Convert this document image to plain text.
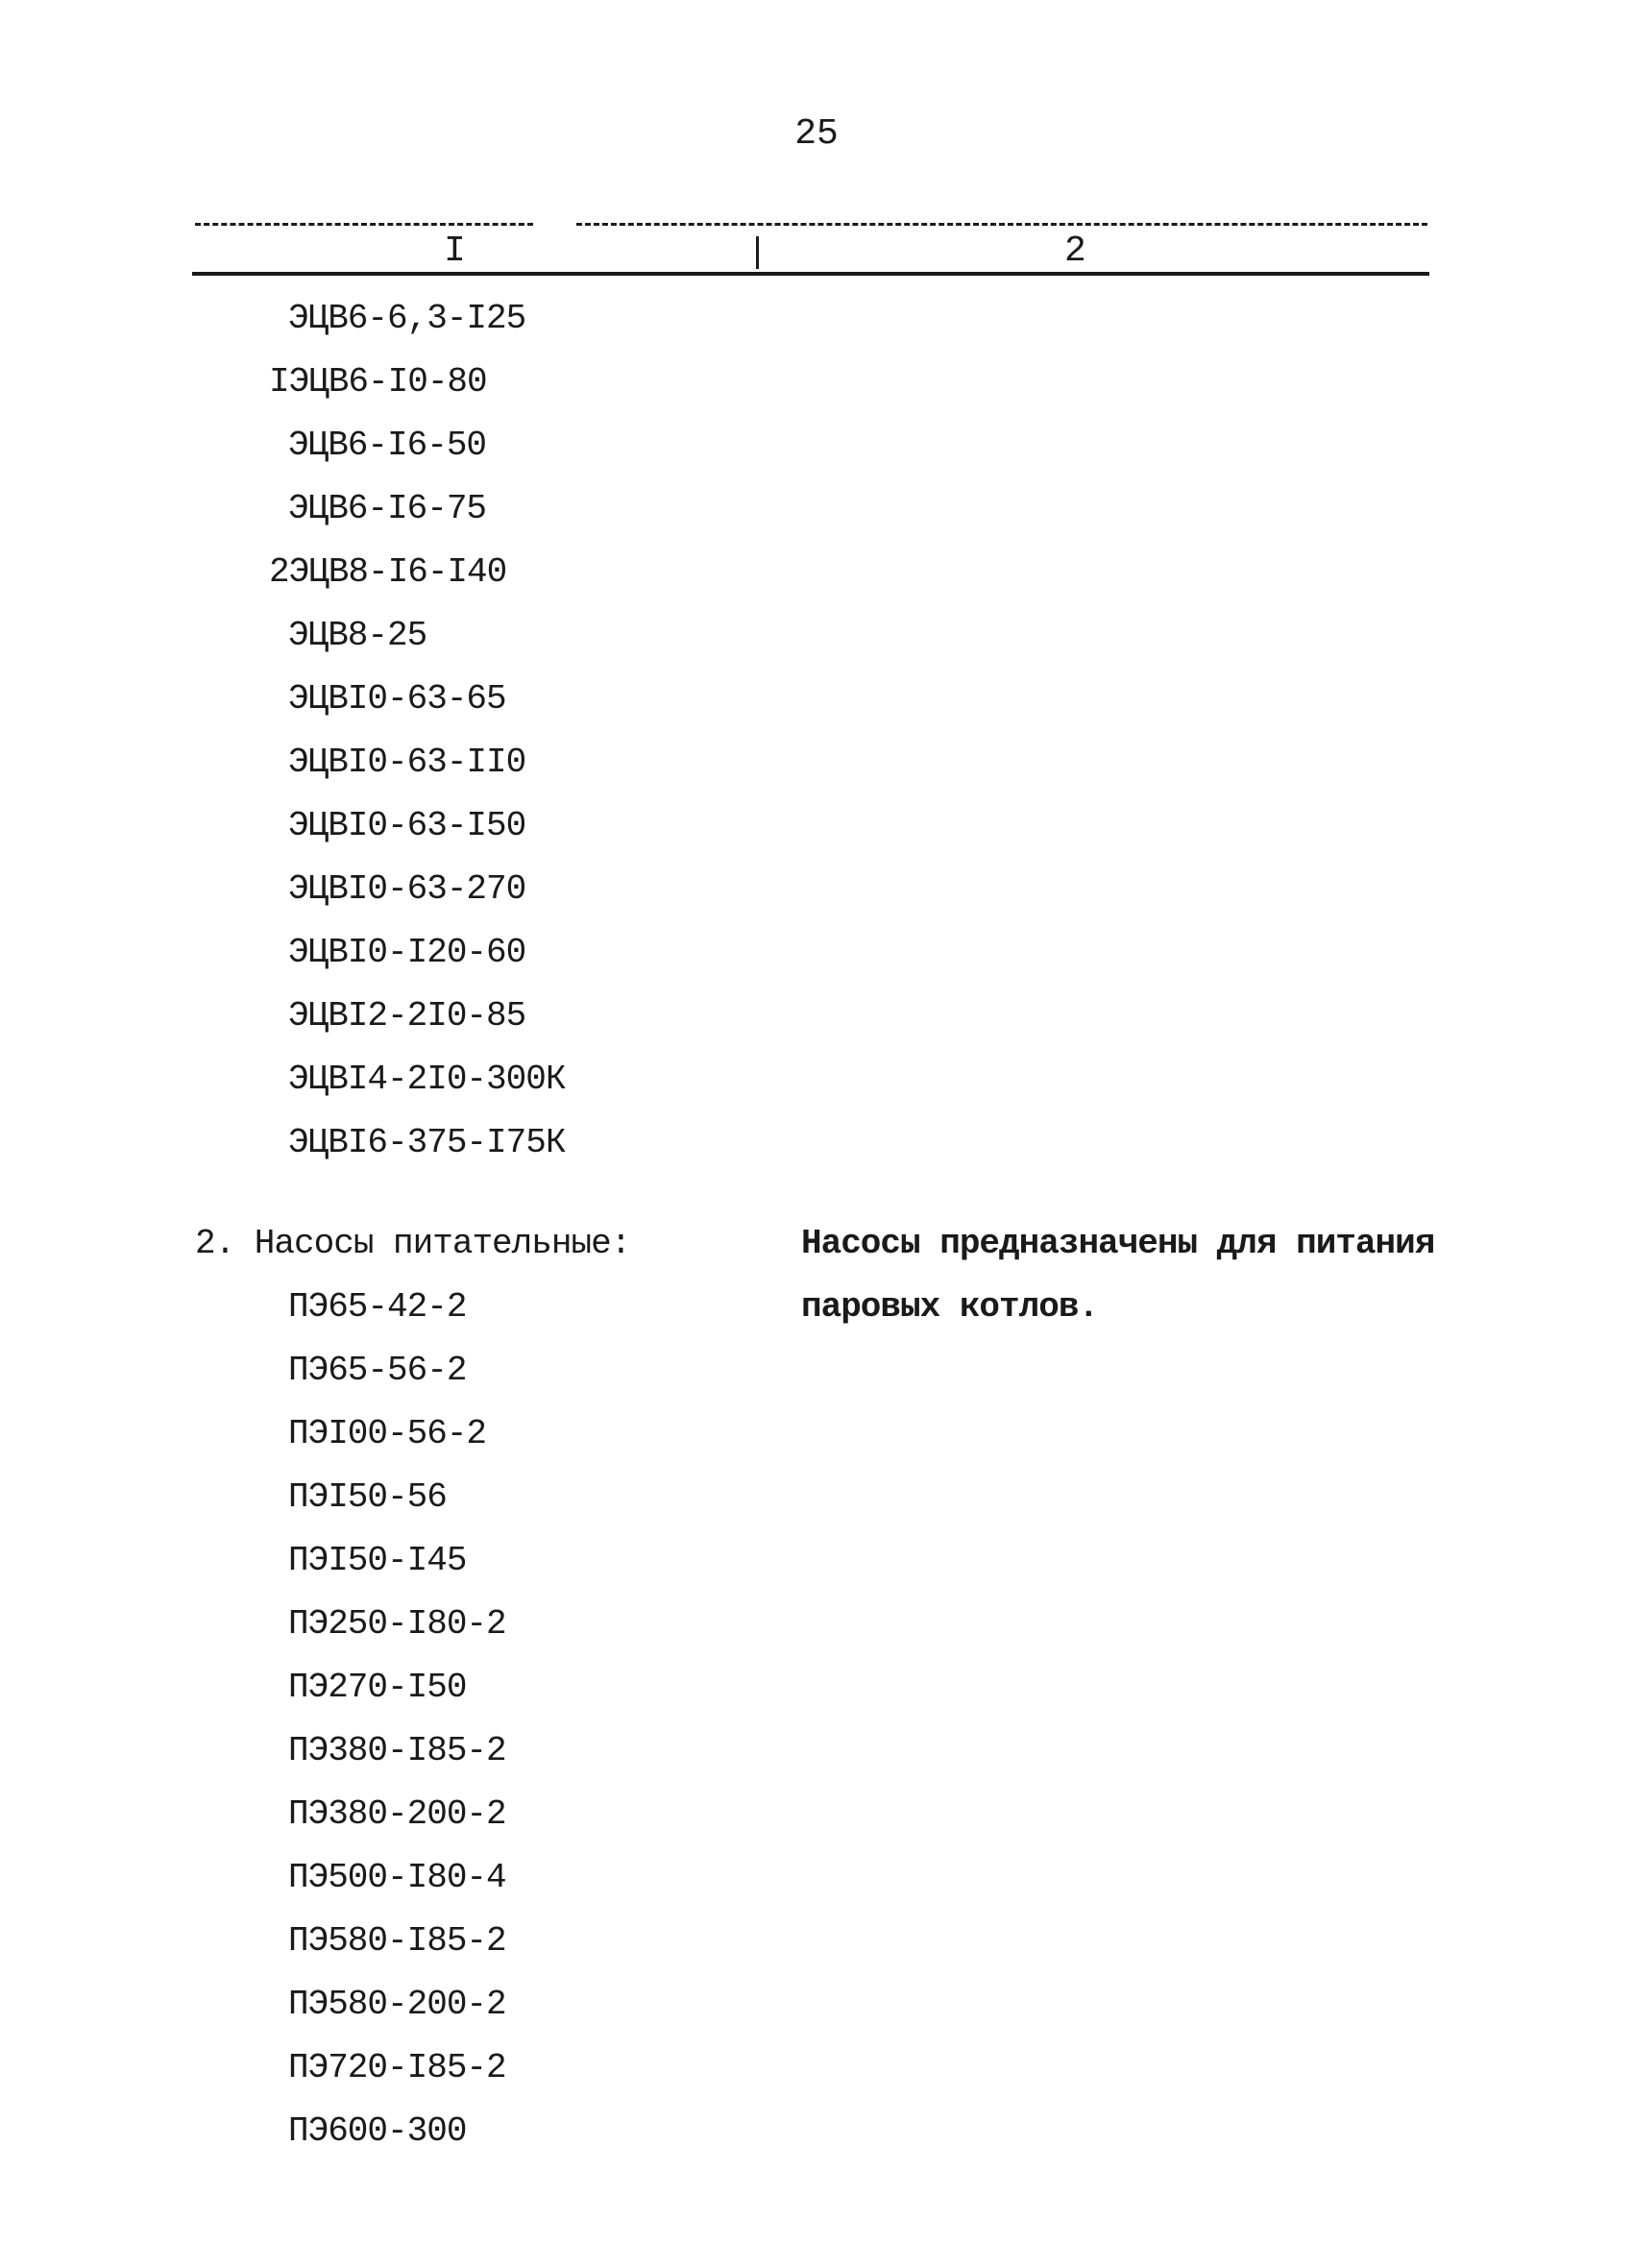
25
I	2
ЭЦВ6-6,3-I25
IЭЦВ6-I0-80
ЭЦВ6-I6-50
ЭЦВ6-I6-75
2ЭЦВ8-I6-I40
ЭЦВ8-25
ЭЦВI0-63-65
ЭЦВI0-63-II0
ЭЦВI0-63-I50
ЭЦВI0-63-270
ЭЦВI0-I20-60
ЭЦВI2-2I0-85
ЭЦВI4-2I0-300К
ЭЦВI6-375-I75К
2. Насосы питательные:	Насосы предназначены для питания
паровых котлов.
ПЭ65-42-2
ПЭ65-56-2
ПЭI00-56-2
ПЭI50-56
ПЭI50-I45
ПЭ250-I80-2
ПЭ270-I50
ПЭ380-I85-2
ПЭ380-200-2
ПЭ500-I80-4
ПЭ580-I85-2
ПЭ580-200-2
ПЭ720-I85-2
ПЭ600-300
